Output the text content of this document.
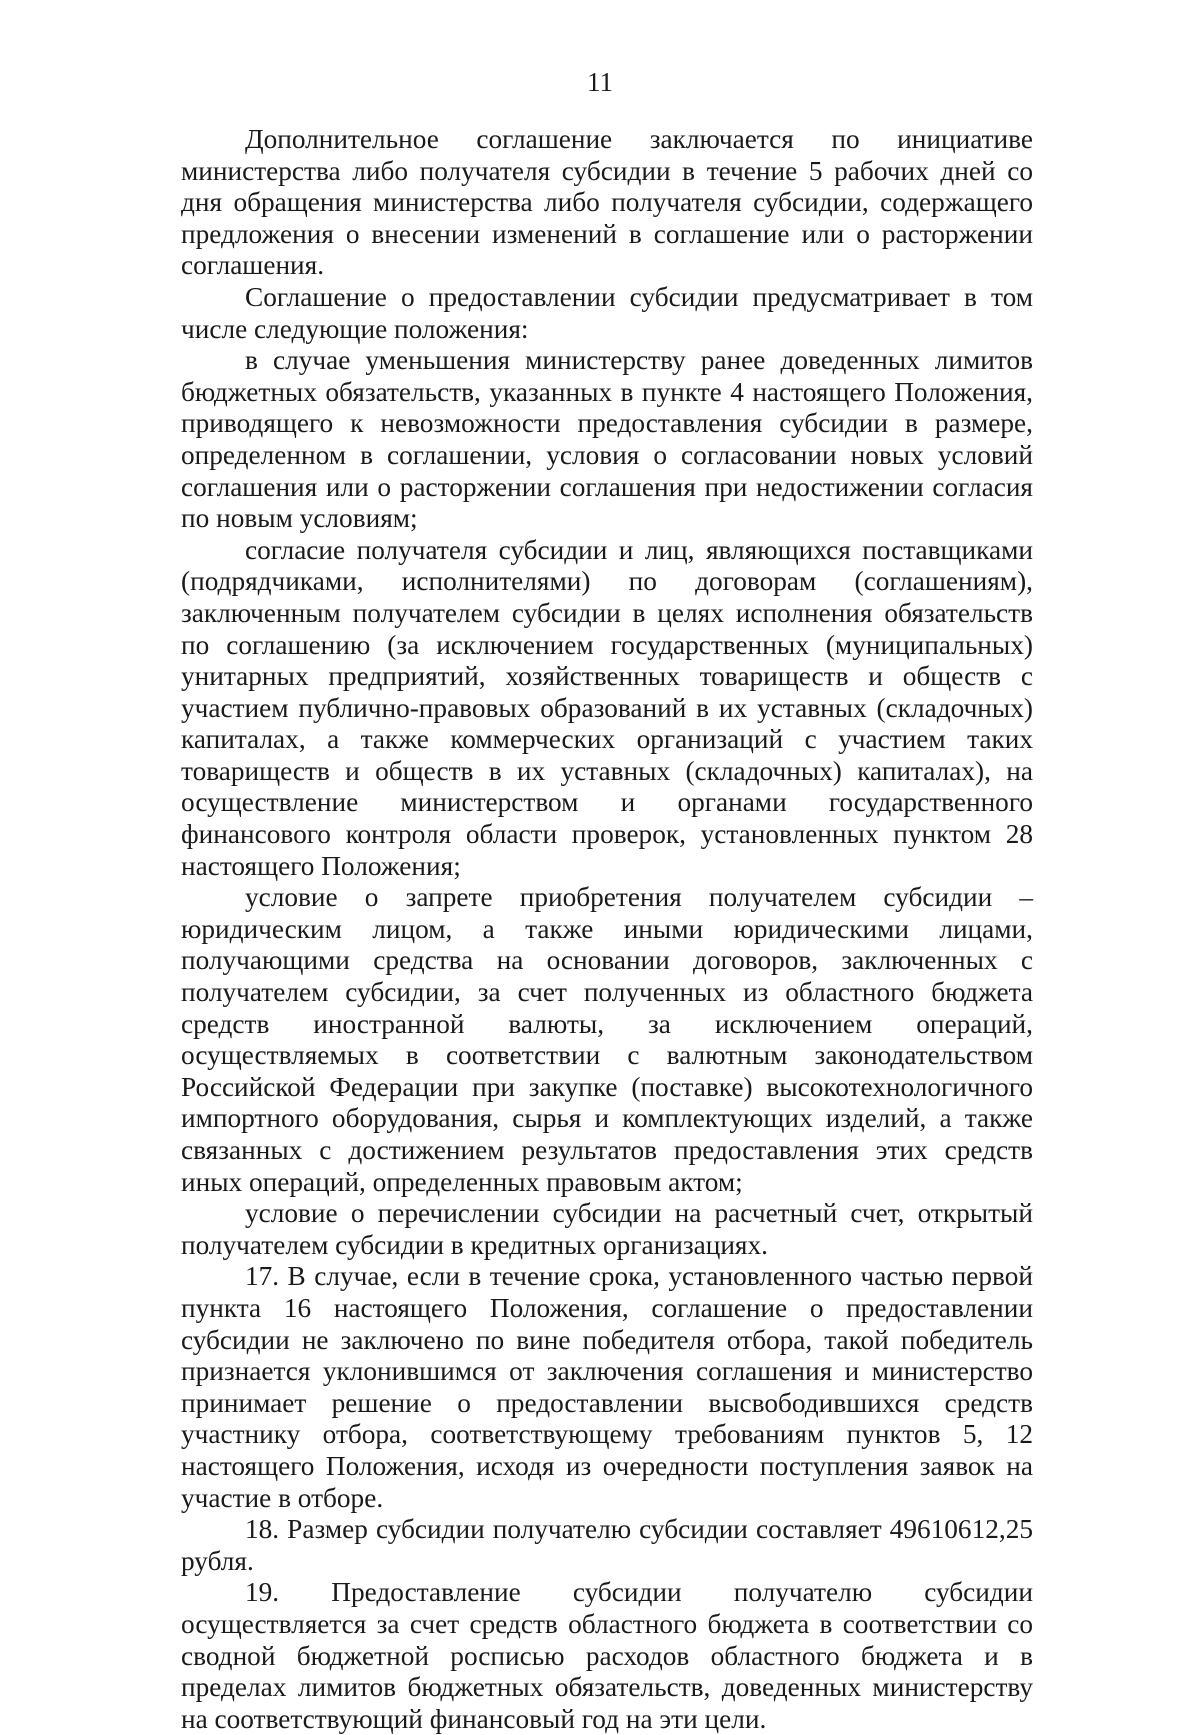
11

Дополнительное соглашение заключается по инициативе министерства либо получателя субсидии в течение 5 рабочих дней со дня обращения министерства либо получателя субсидии, содержащего предложения о внесении изменений в соглашение или о расторжении соглашения.

Соглашение о предоставлении субсидии предусматривает в том числе следующие положения:

в случае уменьшения министерству ранее доведенных лимитов бюджетных обязательств, указанных в пункте 4 настоящего Положения, приводящего к невозможности предоставления субсидии в размере, определенном в соглашении, условия о согласовании новых условий соглашения или о расторжении соглашения при недостижении согласия по новым условиям;

согласие получателя субсидии и лиц, являющихся поставщиками (подрядчиками, исполнителями) по договорам (соглашениям), заключенным получателем субсидии в целях исполнения обязательств по соглашению (за исключением государственных (муниципальных) унитарных предприятий, хозяйственных товариществ и обществ с участием публично-правовых образований в их уставных (складочных) капиталах, а также коммерческих организаций с участием таких товариществ и обществ в их уставных (складочных) капиталах), на осуществление министерством и органами государственного финансового контроля области проверок, установленных пунктом 28 настоящего Положения;

условие о запрете приобретения получателем субсидии – юридическим лицом, а также иными юридическими лицами, получающими средства на основании договоров, заключенных с получателем субсидии, за счет полученных из областного бюджета средств иностранной валюты, за исключением операций, осуществляемых в соответствии с валютным законодательством Российской Федерации при закупке (поставке) высокотехнологичного импортного оборудования, сырья и комплектующих изделий, а также связанных с достижением результатов предоставления этих средств иных операций, определенных правовым актом;

условие о перечислении субсидии на расчетный счет, открытый получателем субсидии в кредитных организациях.

17. В случае, если в течение срока, установленного частью первой пункта 16 настоящего Положения, соглашение о предоставлении субсидии не заключено по вине победителя отбора, такой победитель признается уклонившимся от заключения соглашения и министерство принимает решение о предоставлении высвободившихся средств участнику отбора, соответствующему требованиям пунктов 5, 12 настоящего Положения, исходя из очередности поступления заявок на участие в отборе.

18. Размер субсидии получателю субсидии составляет 49610612,25 рубля.

19. Предоставление субсидии получателю субсидии осуществляется за счет средств областного бюджета в соответствии со сводной бюджетной росписью расходов областного бюджета и в пределах лимитов бюджетных обязательств, доведенных министерству на соответствующий финансовый год на эти цели.
